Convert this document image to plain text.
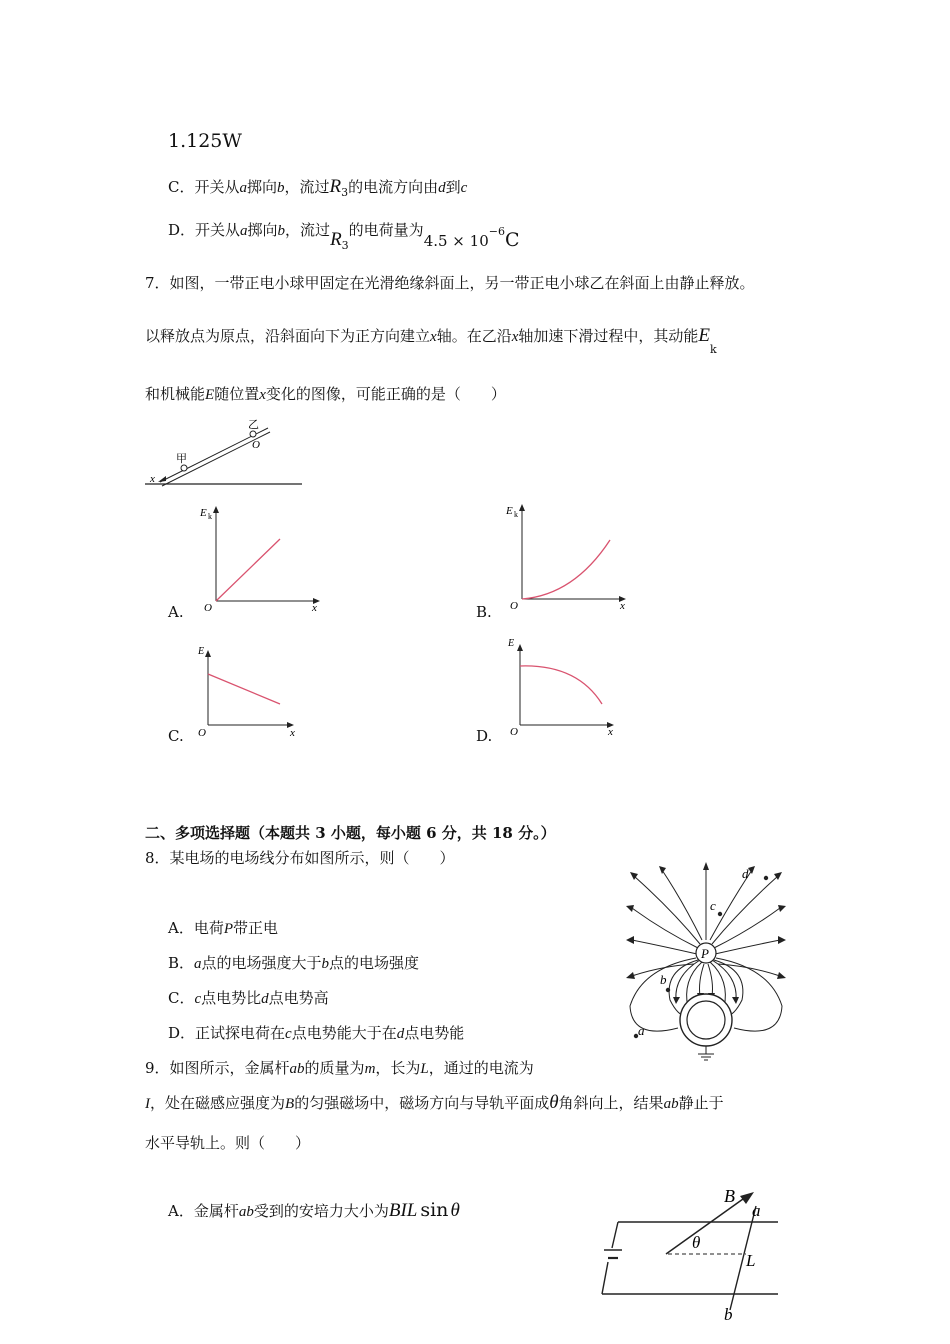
1.125W
C．开关从a掷向b，流过$R_3$的电流方向由d到c
D．开关从a掷向b，流过$R_3$的电荷量为$4.5 \times 10^{-6}C$
7．如图，一带正电小球甲固定在光滑绝缘斜面上，另一带正电小球乙在斜面上由静止释放。
以释放点为原点，沿斜面向下为正方向建立x轴。在乙沿x轴加速下滑过程中，其动能$E_k$
和机械能E随位置x变化的图像，可能正确的是（　　）
甲
乙
O
x
A.
E k
O	x	B.
E k
O	x
C.
E
O	x	D.
E
O	x
二、多项选择题（本题共 3 小题，每小题 6 分，共 18 分。）
8．某电场的电场线分布如图所示，则（　　）
A．电荷P带正电
B．a点的电场强度大于b点的电场强度
C．c点电势比d点电势高
D．正试探电荷在c点电势能大于在d点电势能
P
d
c
b
a
9．如图所示，金属杆ab的质量为m，长为L，通过的电流为
I，处在磁感应强度为B的匀强磁场中，磁场方向与导轨平面成θ角斜向上，结果ab静止于
水平导轨上。则（　　）
A．金属杆ab受到的安培力大小为BIL sin θ
B
a
b
L
θ
